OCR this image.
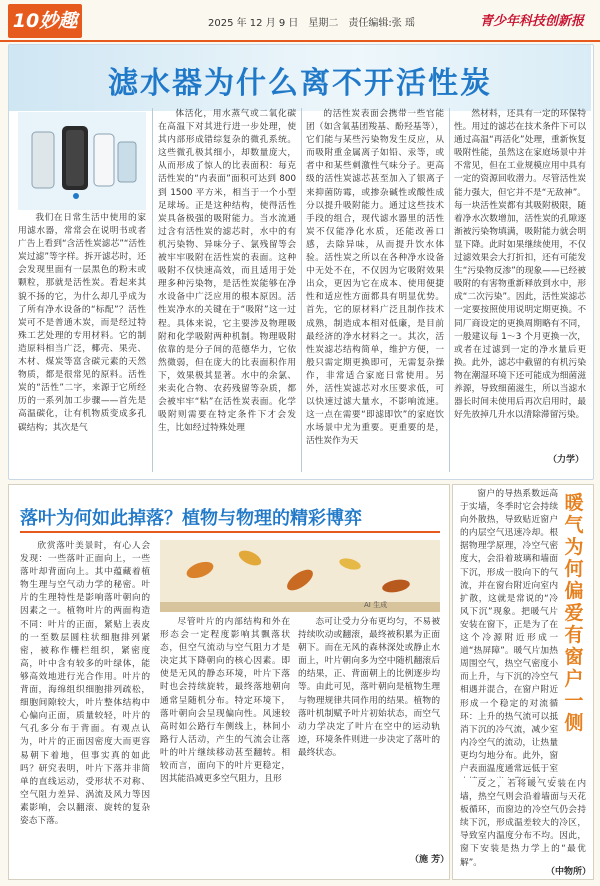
10妙趣	2025 年 12 月 9 日　星期二　责任编辑:张 瑶	青少年科技创新报
滤水器为什么离不开活性炭

我们在日常生活中使用的家用滤水器，常常会在说明书或者广告上看到“含活性炭滤芯”“活性炭过滤”等字样。拆开滤芯时，还会发现里面有一层黑色的粉末或颗粒，那就是活性炭。看起来其貌不扬的它，为什么却几乎成为了所有净水设备的“标配”？活性炭可不是普通木炭，而是经过特殊工艺处理的专用材料。它的制造原料相当广泛，椰壳、果壳、木材、煤炭等富含碳元素的天然物质，都是很常见的原料。活性炭的“活性”二字，来源于它所经历的一系列加工步骤——首先是高温碳化，让有机物质变成多孔碳结构；其次是气

体活化，用水蒸气或二氧化碳在高温下对其进行进一步处理，使其内部形成错综复杂的微孔系统。这些微孔极其细小，却数量庞大，从而形成了惊人的比表面积：每克活性炭的“内表面”面积可达到 800 到 1500 平方米，相当于一个小型足球场。正是这种结构，使得活性炭具备极强的吸附能力。当水流通过含有活性炭的滤芯时，水中的有机污染物、异味分子、氯残留等会被牢牢吸附在活性炭的表面。这种吸附不仅快速高效，而且适用于处理多种污染物，是活性炭能够在净水设备中广泛应用的根本原因。活性炭净水的关键在于“吸附”这一过程。具体来说，它主要涉及物理吸附和化学吸附两种机制。物理吸附依靠的是分子间的范德华力，它依然微弱，但在庞大的比表面积作用下，效果极其显著。水中的余氯、来卖化合物、农药残留等杂质，都会被牢牢“粘”在活性炭表面。化学吸附则需要在特定条件下才会发生，比如经过特殊处理

的活性炭表面会携带一些官能团（如含氧基团羧基、酚羟基等），它们能与某些污染物发生反应，从而吸附重金属离子如铅、汞等，或者中和某些刺激性气味分子。更高级的活性炭滤芯甚至加入了银离子来抑菌防霉，或掺杂碱性或酸性成分以提升吸附能力。通过这些技术手段的组合，现代滤水器里的活性炭不仅能净化水质，还能改善口感，去除异味，从而提升饮水体验。活性炭之所以在各种净水设备中无处不在，不仅因为它吸附效果出众，更因为它在成本、使用便捷性和适应性方面都具有明显优势。首先，它的原材料广泛且制作技术成熟，制造成本相对低廉，是目前最经济的净水材料之一。其次，活性炭滤芯结构简单，维护方便，一般只需定期更换即可，无需复杂操作，非常适合家庭日常使用。另外，活性炭滤芯对水压要求低，可以快速过滤大量水，不影响流速。这一点在需要“即滤即饮”的家庭饮水场景中尤为重要。更重要的是，活性炭作为天

然材料，还具有一定的环保特性。用过的滤芯在技术条件下可以通过高温“再活化”处理，重新恢复吸附性能，虽然这在家庭场景中并不常见，但在工业规模应用中具有一定的资源回收潜力。尽管活性炭能力强大，但它并不是“无敌神”。每一块活性炭都有其吸附极限，随着净水次数增加，活性炭的孔隙逐渐被污染物填满，吸附能力就会明显下降。此时如果继续使用，不仅过滤效果会大打折扣，还有可能发生“污染物反渗”的现象——已经被吸附的有害物重新释放到水中，形成“二次污染”。因此，活性炭滤芯一定要按照使用说明定期更换。不同厂商设定的更换周期略有不同，一般建议每 1～3 个月更换一次，或者在过滤到一定的净水量后更换。此外，滤芯中截留的有机污染物在潮湿环境下还可能成为细菌滋养源，导致细菌滋生，所以当滤水器长时间未使用后再次启用时，最好先放掉几升水以清除滞留污染。

（力学）
落叶为何如此掉落？植物与物理的精彩博弈

欣赏落叶美景时，有心人会发现：一些落叶正面向上，一些落叶却背面向上。其中蕴藏着植物生理与空气动力学的秘密。叶片的生理特性是影响落叶朝向的因素之一。植物叶片的两面构造不同：叶片的正面，紧贴上表皮的一至数层圆柱状细胞排列紧密，被称作栅栏组织，紧密度高，叶中含有较多的叶绿体，能够高效地进行光合作用。叶片的背面，海绵组织细胞排列疏松，细胞间隙较大，叶片整体结构中心偏向正面，质量较轻，叶片的气孔多分布于背面。有观点认为，叶片的正面因密度大而更容易朝下着地，但事实真的如此吗？研究表明，叶片下落并非简单的直线运动，受形状不对称、空气阻力差异、涡流及风力等因素影响，会以翻滚、旋转的复杂姿态下落。

AI 生成

尽管叶片的内部结构和外在形态会一定程度影响其飘落状态，但空气流动与空气阻力才是决定其下降朝向的核心因素。即使是无风的静态环境，叶片下落时也会持续旋转，最终落地朝向通常呈随机分布。特定环境下，落叶朝向会呈现偏向性。风速较高时如公路行车侧线上，林间小路行人活动，产生的气流会让落叶的叶片继续移动甚至翻转。相较而言，面向下的叶片更稳定，因其能沿减更多空气阻力，且形

态可让受力分布更均匀，不易被持续吹动或翻滚，最终被积累为正面朝下。而在无风的森林深处或静止水面上，叶片朝向多为空中随机翻滚后的结果，正、背面朝上的比例逐步均等。由此可见，落叶朝向是植物生理与物理规律共同作用的结果。植物的落叶机制赋予叶片初始状态，而空气动力学决定了叶片在空中的运动轨迹，环境条件则进一步决定了落叶的最终状态。

（施 芳）
暖气为何偏爱有窗户一侧

窗户的导热系数远高于实墙，冬季时它会持续向外散热，导致贴近窗户的内层空气迅速冷却。根据物理学原理，冷空气密度大，会沿着玻璃和墙面下沉，形成一股向下的气流，并在窗台附近向室内扩散，这就是常说的“冷风下沉”现象。把暖气片安装在窗下，正是为了在这个冷源附近形成一道“热屏障”。暖气片加热周围空气，热空气密度小而上升，与下沉的冷空气相遇并混合，在窗户附近形成一个稳定的对流循环：上升的热气流可以抵消下沉的冷气流，减少室内冷空气的流动，让热量更均匀地分布。此外，窗户表面温度通常远低于室

反之，若将暖气安装在内墙，热空气则会沿着墙面与天花板循环，而窗边的冷空气仍会持续下沉，形成温差较大的冷区，导致室内温度分布不均。因此，窗下安装是热力学上的“最优解”。

（中物所）
